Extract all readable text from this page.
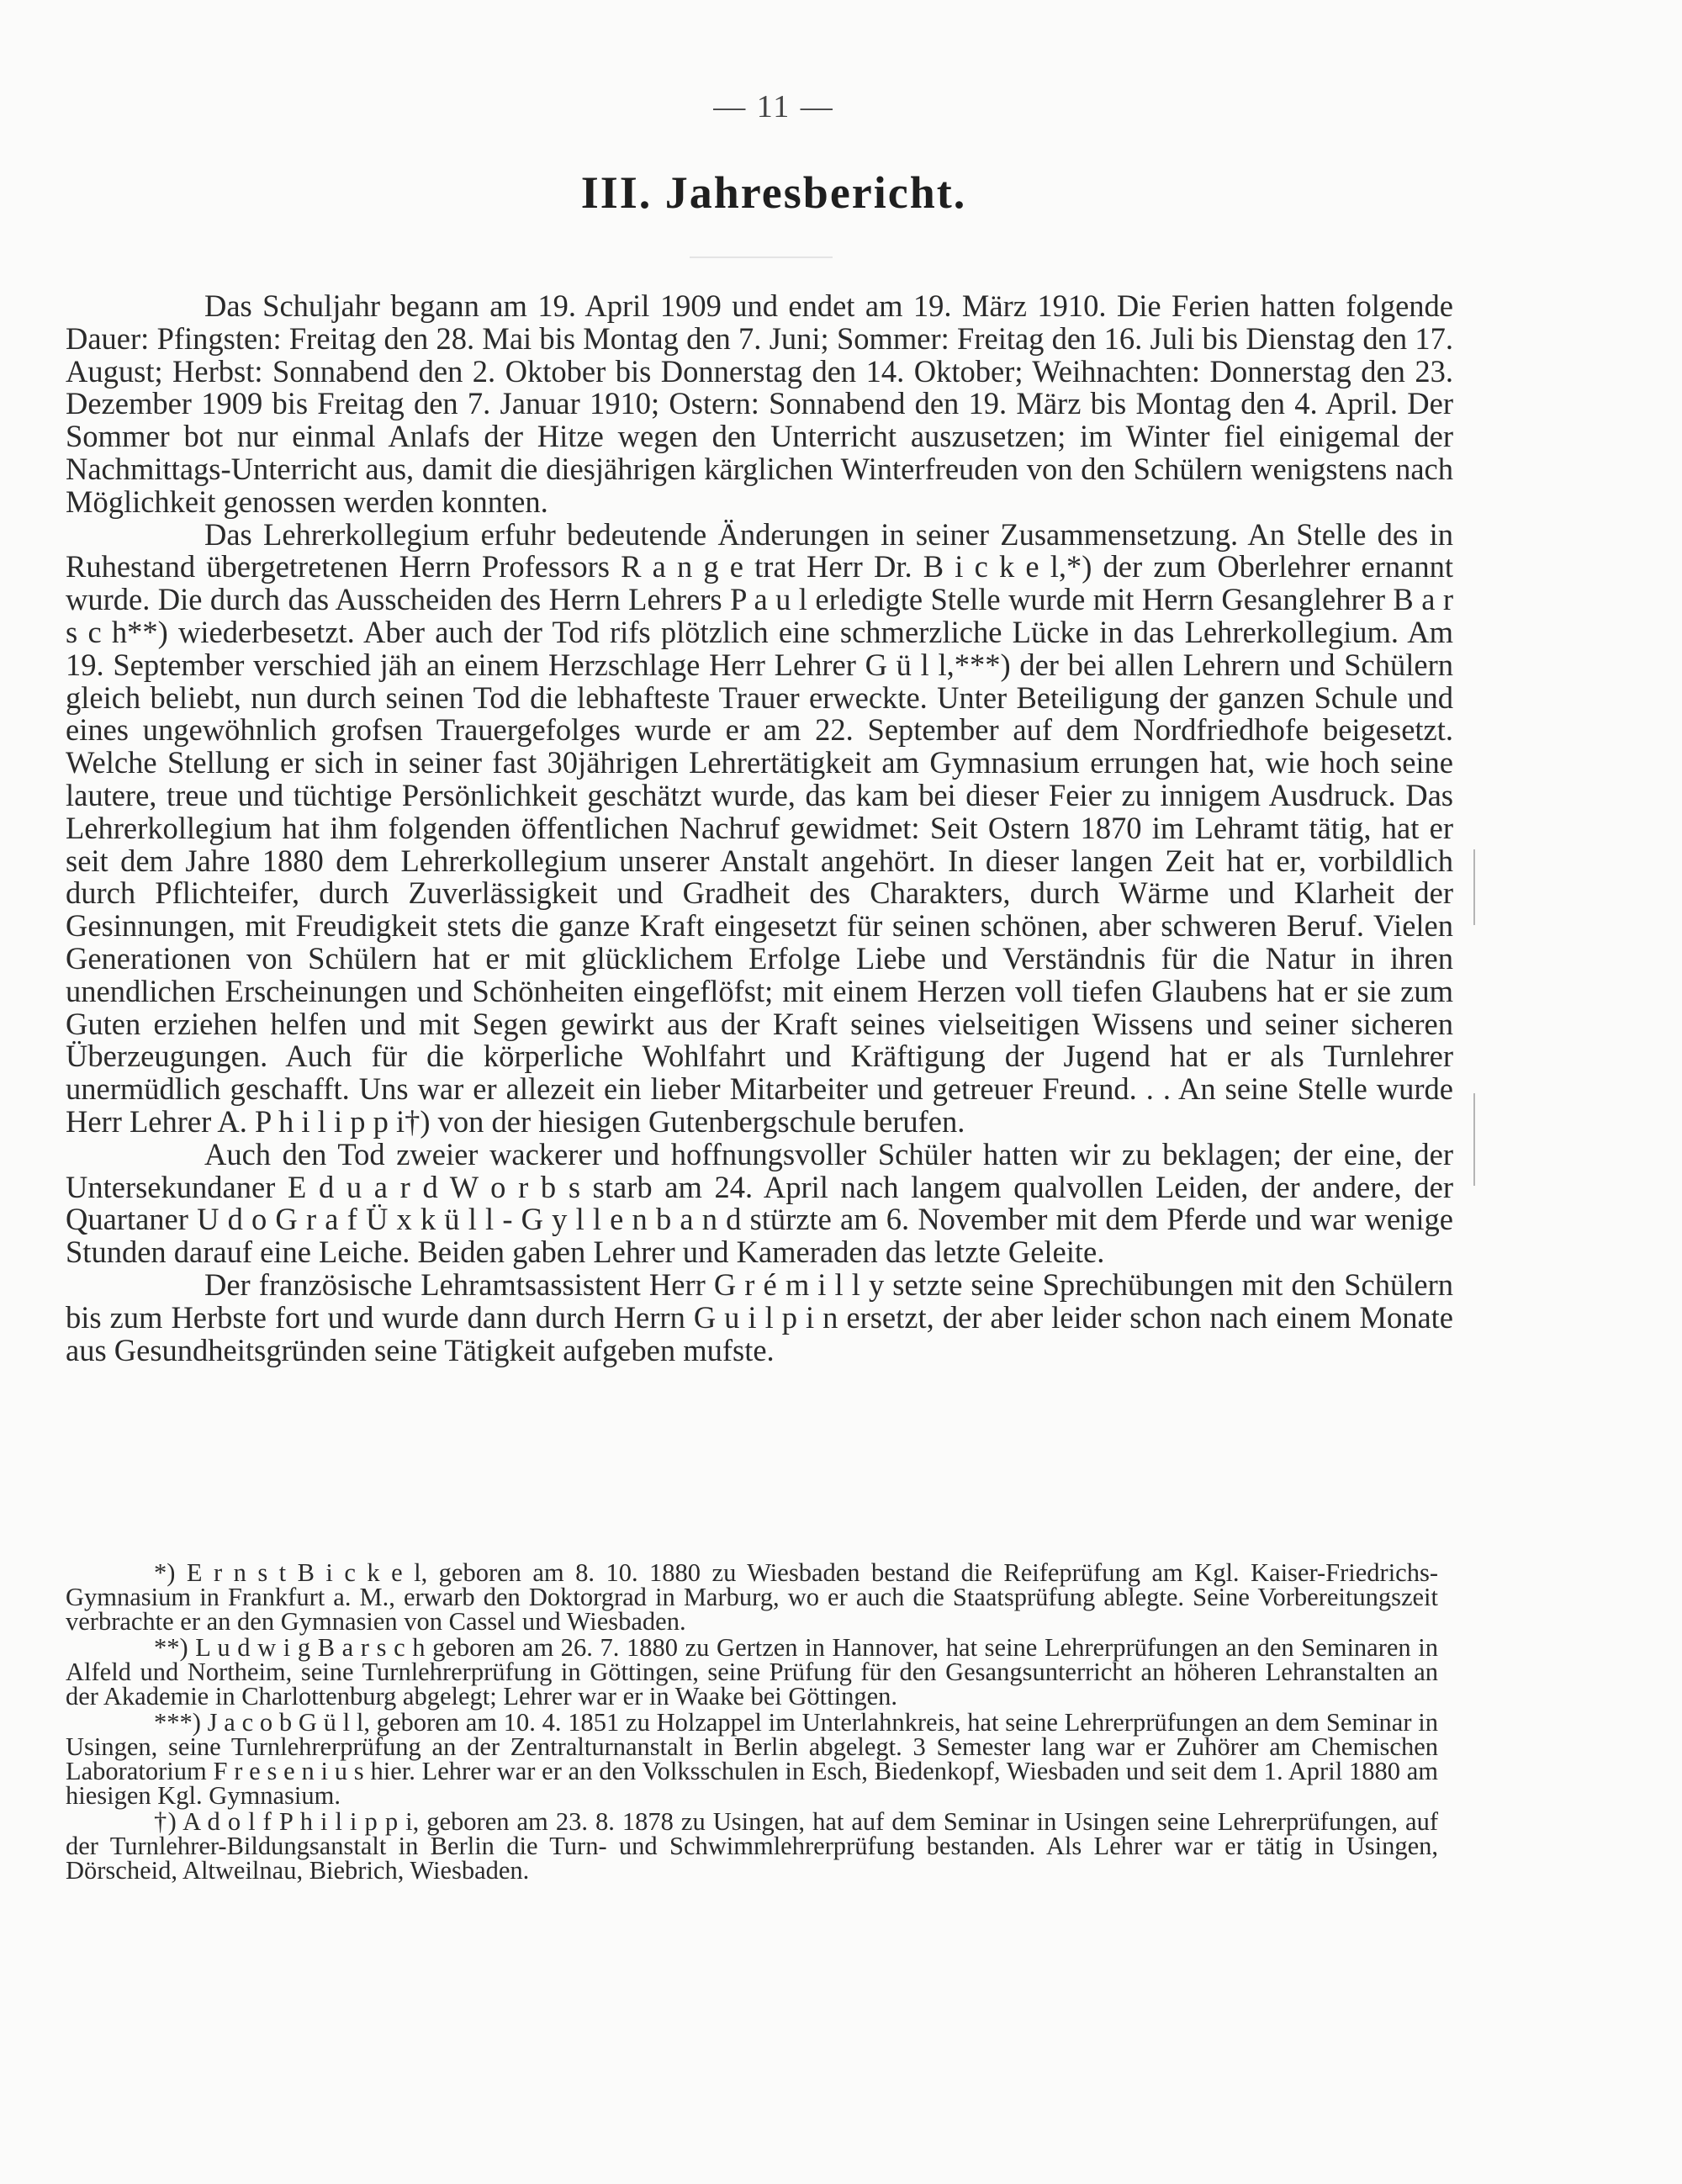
— 11 —
III. Jahresbericht.

Das Schuljahr begann am 19. April 1909 und endet am 19. März 1910. Die Ferien hatten folgende Dauer: Pfingsten: Freitag den 28. Mai bis Montag den 7. Juni; Sommer: Freitag den 16. Juli bis Dienstag den 17. August; Herbst: Sonnabend den 2. Oktober bis Donnerstag den 14. Oktober; Weihnachten: Donnerstag den 23. Dezember 1909 bis Freitag den 7. Januar 1910; Ostern: Sonnabend den 19. März bis Montag den 4. April. Der Sommer bot nur einmal Anlafs der Hitze wegen den Unterricht auszusetzen; im Winter fiel einigemal der Nachmittags-Unterricht aus, damit die diesjährigen kärglichen Winterfreuden von den Schülern wenigstens nach Möglichkeit genossen werden konnten.

Das Lehrerkollegium erfuhr bedeutende Änderungen in seiner Zusammensetzung. An Stelle des in Ruhestand übergetretenen Herrn Professors R a n g e trat Herr Dr. B i c k e l,*) der zum Oberlehrer ernannt wurde. Die durch das Ausscheiden des Herrn Lehrers P a u l erledigte Stelle wurde mit Herrn Gesanglehrer B a r s c h**) wiederbesetzt. Aber auch der Tod rifs plötzlich eine schmerzliche Lücke in das Lehrerkollegium. Am 19. September verschied jäh an einem Herzschlage Herr Lehrer G ü l l,***) der bei allen Lehrern und Schülern gleich beliebt, nun durch seinen Tod die lebhafteste Trauer erweckte. Unter Beteiligung der ganzen Schule und eines ungewöhnlich grofsen Trauergefolges wurde er am 22. September auf dem Nordfriedhofe beigesetzt. Welche Stellung er sich in seiner fast 30jährigen Lehrertätigkeit am Gymnasium errungen hat, wie hoch seine lautere, treue und tüchtige Persönlichkeit geschätzt wurde, das kam bei dieser Feier zu innigem Ausdruck. Das Lehrerkollegium hat ihm folgenden öffentlichen Nachruf gewidmet: Seit Ostern 1870 im Lehramt tätig, hat er seit dem Jahre 1880 dem Lehrerkollegium unserer Anstalt angehört. In dieser langen Zeit hat er, vorbildlich durch Pflichteifer, durch Zuverlässigkeit und Gradheit des Charakters, durch Wärme und Klarheit der Gesinnungen, mit Freudigkeit stets die ganze Kraft eingesetzt für seinen schönen, aber schweren Beruf. Vielen Generationen von Schülern hat er mit glücklichem Erfolge Liebe und Verständnis für die Natur in ihren unendlichen Erscheinungen und Schönheiten eingeflöfst; mit einem Herzen voll tiefen Glaubens hat er sie zum Guten erziehen helfen und mit Segen gewirkt aus der Kraft seines vielseitigen Wissens und seiner sicheren Überzeugungen. Auch für die körperliche Wohlfahrt und Kräftigung der Jugend hat er als Turnlehrer unermüdlich geschafft. Uns war er allezeit ein lieber Mitarbeiter und getreuer Freund. . . An seine Stelle wurde Herr Lehrer A. P h i l i p p i†) von der hiesigen Gutenbergschule berufen.

Auch den Tod zweier wackerer und hoffnungsvoller Schüler hatten wir zu beklagen; der eine, der Untersekundaner E d u a r d W o r b s starb am 24. April nach langem qualvollen Leiden, der andere, der Quartaner U d o G r a f Ü x k ü l l - G y l l e n b a n d stürzte am 6. November mit dem Pferde und war wenige Stunden darauf eine Leiche. Beiden gaben Lehrer und Kameraden das letzte Geleite.

Der französische Lehramtsassistent Herr G r é m i l l y setzte seine Sprechübungen mit den Schülern bis zum Herbste fort und wurde dann durch Herrn G u i l p i n ersetzt, der aber leider schon nach einem Monate aus Gesundheitsgründen seine Tätigkeit aufgeben mufste.

*) E r n s t B i c k e l, geboren am 8. 10. 1880 zu Wiesbaden bestand die Reifeprüfung am Kgl. Kaiser-Friedrichs-Gymnasium in Frankfurt a. M., erwarb den Doktorgrad in Marburg, wo er auch die Staatsprüfung ablegte. Seine Vorbereitungszeit verbrachte er an den Gymnasien von Cassel und Wiesbaden.

**) L u d w i g B a r s c h geboren am 26. 7. 1880 zu Gertzen in Hannover, hat seine Lehrerprüfungen an den Seminaren in Alfeld und Northeim, seine Turnlehrerprüfung in Göttingen, seine Prüfung für den Gesangsunterricht an höheren Lehranstalten an der Akademie in Charlottenburg abgelegt; Lehrer war er in Waake bei Göttingen.

***) J a c o b G ü l l, geboren am 10. 4. 1851 zu Holzappel im Unterlahnkreis, hat seine Lehrerprüfungen an dem Seminar in Usingen, seine Turnlehrerprüfung an der Zentralturnanstalt in Berlin abgelegt. 3 Semester lang war er Zuhörer am Chemischen Laboratorium F r e s e n i u s hier. Lehrer war er an den Volksschulen in Esch, Biedenkopf, Wiesbaden und seit dem 1. April 1880 am hiesigen Kgl. Gymnasium.

†) A d o l f P h i l i p p i, geboren am 23. 8. 1878 zu Usingen, hat auf dem Seminar in Usingen seine Lehrerprüfungen, auf der Turnlehrer-Bildungsanstalt in Berlin die Turn- und Schwimmlehrerprüfung bestanden. Als Lehrer war er tätig in Usingen, Dörscheid, Altweilnau, Biebrich, Wiesbaden.
